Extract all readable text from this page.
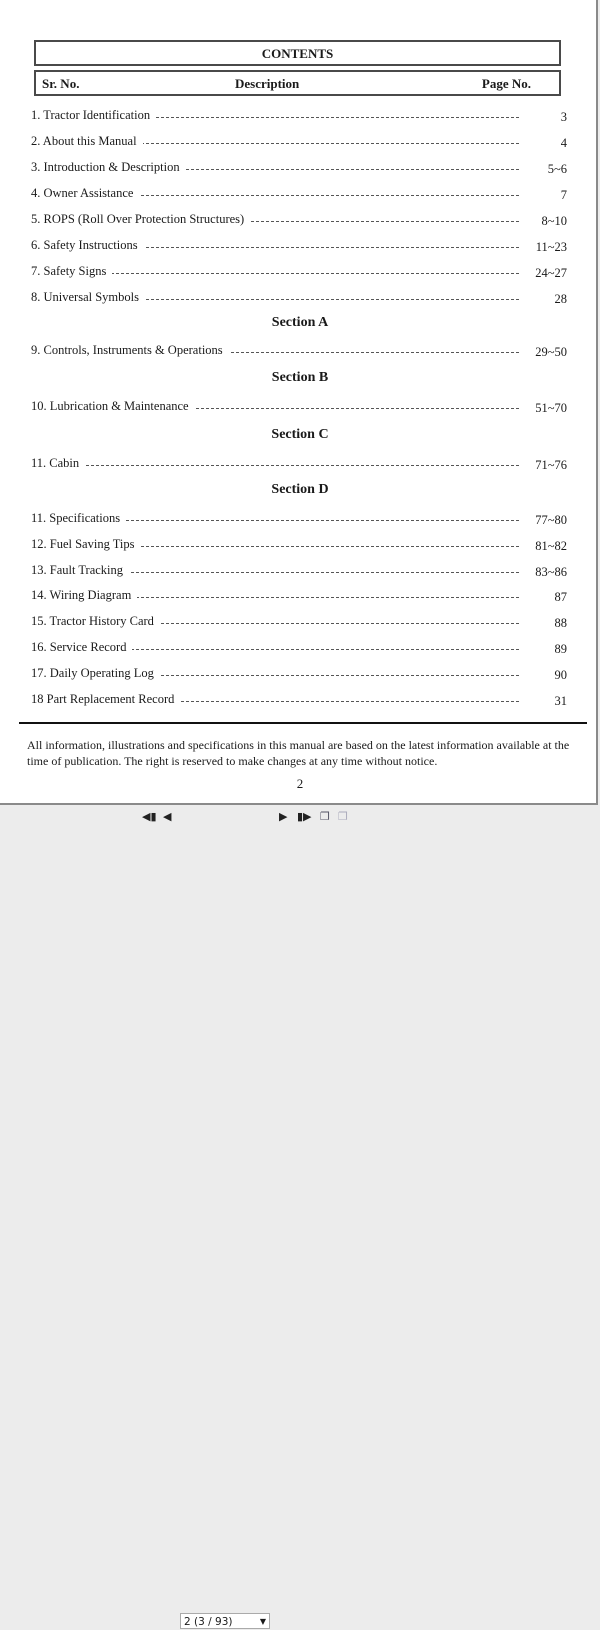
CONTENTS
Sr. No.	Description	Page No.
1. Tractor Identification	3
2. About this Manual	4
3. Introduction & Description	5~6
4. Owner Assistance	7
5. ROPS (Roll Over Protection Structures)	8~10
6. Safety Instructions	11~23
7. Safety Signs	24~27
8. Universal Symbols	28
Section A
9. Controls, Instruments & Operations	29~50
Section B
10. Lubrication & Maintenance	51~70
Section C
11. Cabin	71~76
Section D
11. Specifications	77~80
12. Fuel Saving Tips	81~82
13. Fault Tracking	83~86
14. Wiring Diagram	87
15. Tractor History Card	88
16. Service Record	89
17. Daily Operating Log	90
18 Part Replacement Record	31
All information, illustrations and specifications in this manual are based on the latest information available at the time of publication. The right is reserved to make changes at any time without notice.
2
◀▮ ◀
2 (3 / 93)	▼
▶ ▮▶ ❐ ❐
